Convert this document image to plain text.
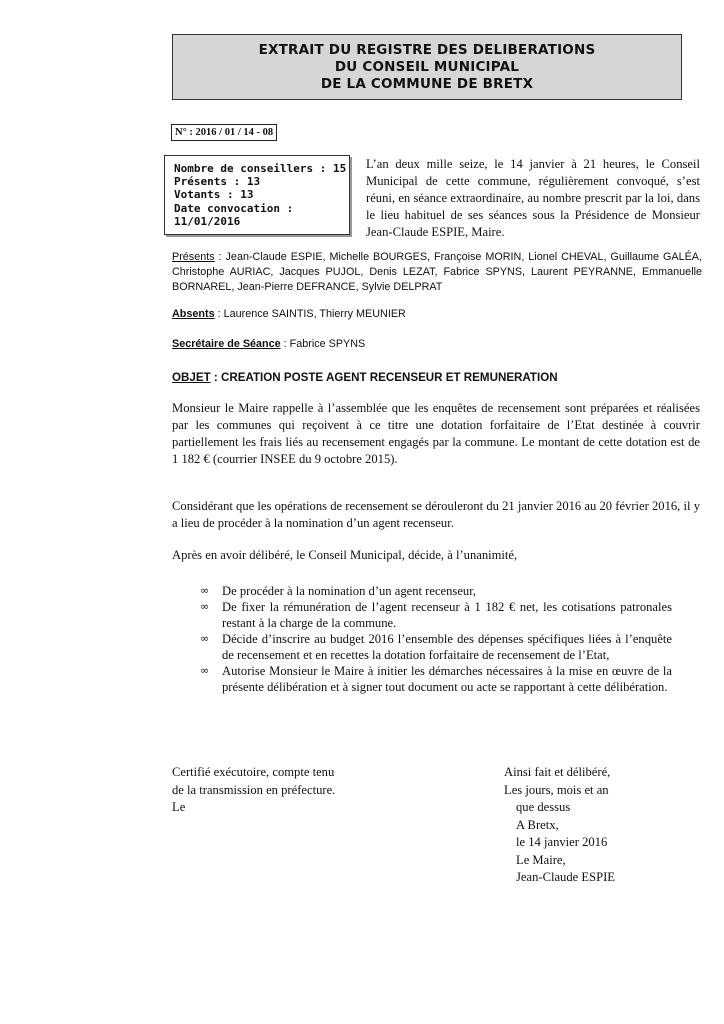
EXTRAIT DU REGISTRE DES DELIBERATIONS
DU CONSEIL MUNICIPAL
DE LA COMMUNE DE BRETX
N° : 2016 / 01 / 14 - 08
Nombre de conseillers : 15
Présents : 13
Votants : 13
Date convocation :
11/01/2016
L’an deux mille seize, le 14 janvier à 21 heures, le Conseil Municipal de cette commune, régulièrement convoqué, s’est réuni, en séance extraordinaire, au nombre prescrit par la loi, dans le lieu habituel de ses séances sous la Présidence de Monsieur Jean-Claude ESPIE, Maire.
Présents : Jean-Claude ESPIE, Michelle BOURGES, Françoise MORIN, Lionel CHEVAL, Guillaume GALÉA, Christophe AURIAC, Jacques PUJOL, Denis LEZAT, Fabrice SPYNS, Laurent PEYRANNE, Emmanuelle BORNAREL, Jean-Pierre DEFRANCE, Sylvie DELPRAT
Absents : Laurence SAINTIS, Thierry MEUNIER
Secrétaire de Séance : Fabrice SPYNS
OBJET : CREATION POSTE AGENT RECENSEUR ET REMUNERATION
Monsieur le Maire rappelle à l’assemblée que les enquêtes de recensement sont préparées et réalisées par les communes qui reçoivent à ce titre une dotation forfaitaire de l’Etat destinée à couvrir partiellement les frais liés au recensement engagés par la commune. Le montant de cette dotation est de 1 182 € (courrier INSEE du 9 octobre 2015).
Considérant que les opérations de recensement se dérouleront du 21 janvier 2016 au 20 février 2016, il y a lieu de procéder à la nomination d’un agent recenseur.
Après en avoir délibéré, le Conseil Municipal, décide, à l’unanimité,
∞ De procéder à la nomination d’un agent recenseur,
∞ De fixer la rémunération de l’agent recenseur à 1 182 € net, les cotisations patronales restant à la charge de la commune.
∞ Décide d’inscrire au budget 2016 l’ensemble des dépenses spécifiques liées à l’enquête de recensement et en recettes la dotation forfaitaire de recensement de l’Etat,
∞ Autorise Monsieur le Maire à initier les démarches nécessaires à la mise en œuvre de la présente délibération et à signer tout document ou acte se rapportant à cette délibération.
Certifié exécutoire, compte tenu
de la transmission en préfecture.
Le
Ainsi fait et délibéré,
Les jours, mois et an
que dessus
A Bretx,
le 14 janvier 2016
Le Maire,
Jean-Claude ESPIE
